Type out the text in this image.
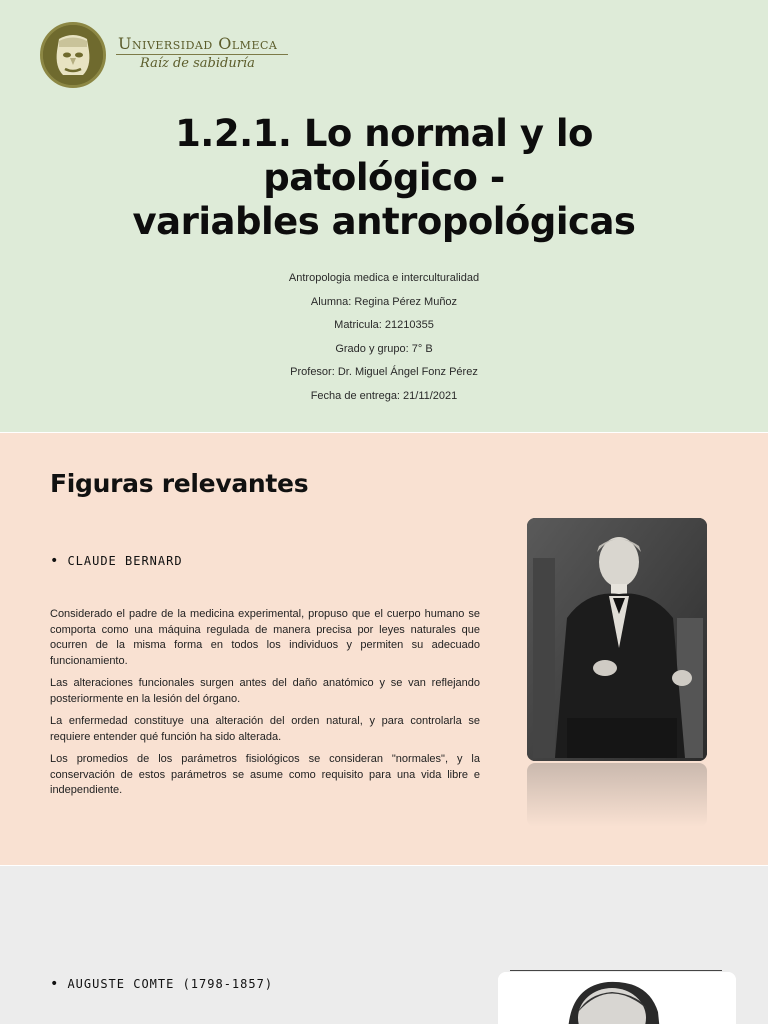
Universidad Olmeca
Raíz de sabiduría
1.2.1. Lo normal y lo
patológico -
variables antropológicas
Antropologia medica e interculturalidad
Alumna: Regina Pérez Muñoz
Matricula: 21210355
Grado y grupo: 7° B
Profesor: Dr. Miguel Ángel Fonz Pérez
Fecha de entrega: 21/11/2021
Figuras relevantes
• CLAUDE BERNARD

Considerado el padre de la medicina experimental, propuso que el cuerpo humano se comporta como una máquina regulada de manera precisa por leyes naturales que ocurren de la misma forma en todos los individuos y permiten su adecuado funcionamiento.

Las alteraciones funcionales surgen antes del daño anatómico y se van reflejando posteriormente en la lesión del órgano.

La enfermedad constituye una alteración del orden natural, y para controlarla se requiere entender qué función ha sido alterada.

Los promedios de los parámetros fisiológicos se consideran "normales", y la conservación de estos parámetros se asume como requisito para una vida libre e independiente.

• AUGUSTE COMTE (1798-1857)
